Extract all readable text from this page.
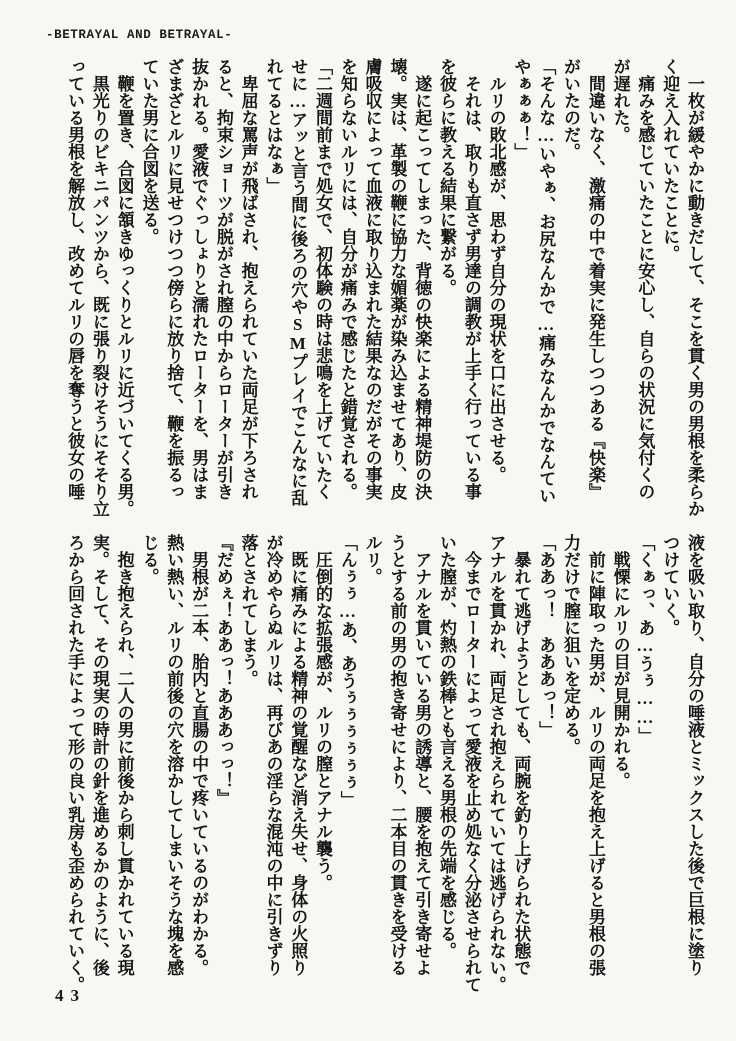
-BETRAYAL AND BETRAYAL-
一枚が緩やかに動きだして、そこを貫く男の男根を柔らか
く迎え入れていたことに。
痛みを感じていたことに安心し、自らの状況に気付くの
が遅れた。
間違いなく、激痛の中で着実に発生しつつある『快楽』
がいたのだ。
「そんな…いやぁ、お尻なんかで…痛みなんかでなんてい
やぁぁぁ！」
ルリの敗北感が、思わず自分の現状を口に出させる。
それは、取りも直さず男達の調教が上手く行っている事
を彼らに教える結果に繋がる。
遂に起こってしまった、背徳の快楽による精神堤防の決
壊。実は、革製の鞭に協力な媚薬が染み込ませてあり、皮
膚吸収によって血液に取り込まれた結果なのだがその事実
を知らないルリには、自分が痛みで感じたと錯覚される。
「二週間前まで処女で、初体験の時は悲鳴を上げていたく
せに…アッと言う間に後ろの穴やSMプレイでこんなに乱
れてるとはなぁ」
卑屈な罵声が飛ばされ、抱えられていた両足が下ろされ
ると、拘束ショーツが脱がされ膣の中からローターが引き
抜かれる。愛液でぐっしょりと濡れたローターを、男はま
ざまざとルリに見せつけつつ傍らに放り捨て、鞭を振るっ
ていた男に合図を送る。
鞭を置き、合図に頷きゆっくりとルリに近づいてくる男。
黒光りのビキニパンツから、既に張り裂けそうにそそり立
っている男根を解放し、改めてルリの唇を奪うと彼女の唾
液を吸い取り、自分の唾液とミックスした後で巨根に塗り
つけていく。
「くぁっ、あ…うぅ……」
戦慄にルリの目が見開かれる。
前に陣取った男が、ルリの両足を抱え上げると男根の張
力だけで膣に狙いを定める。
「ああっ！　あああっ！」
暴れて逃げようとしても、両腕を釣り上げられた状態で
アナルを貫かれ、両足され抱えられていては逃げられない。
今までローターによって愛液を止め処なく分泌させられて
いた膣が、灼熱の鉄棒とも言える男根の先端を感じる。
アナルを貫いている男の誘導と、腰を抱えて引き寄せよ
うとする前の男の抱き寄せにより、二本目の貫きを受ける
ルリ。
「んぅぅ…あ、あうぅぅぅぅぅぅ」
圧倒的な拡張感が、ルリの膣とアナル襲う。
既に痛みによる精神の覚醒など消え失せ、身体の火照り
が冷めやらぬルリは、再びあの淫らな混沌の中に引きずり
落とされてしまう。
『だめぇ！ああっ！あああっっ！』
男根が二本、胎内と直腸の中で疼いているのがわかる。
熱い熱い、ルリの前後の穴を溶かしてしまいそうな塊を感
じる。
抱き抱えられ、二人の男に前後から刺し貫かれている現
実。そして、その現実の時計の針を進めるかのように、後
ろから回された手によって形の良い乳房も歪められていく。
43
